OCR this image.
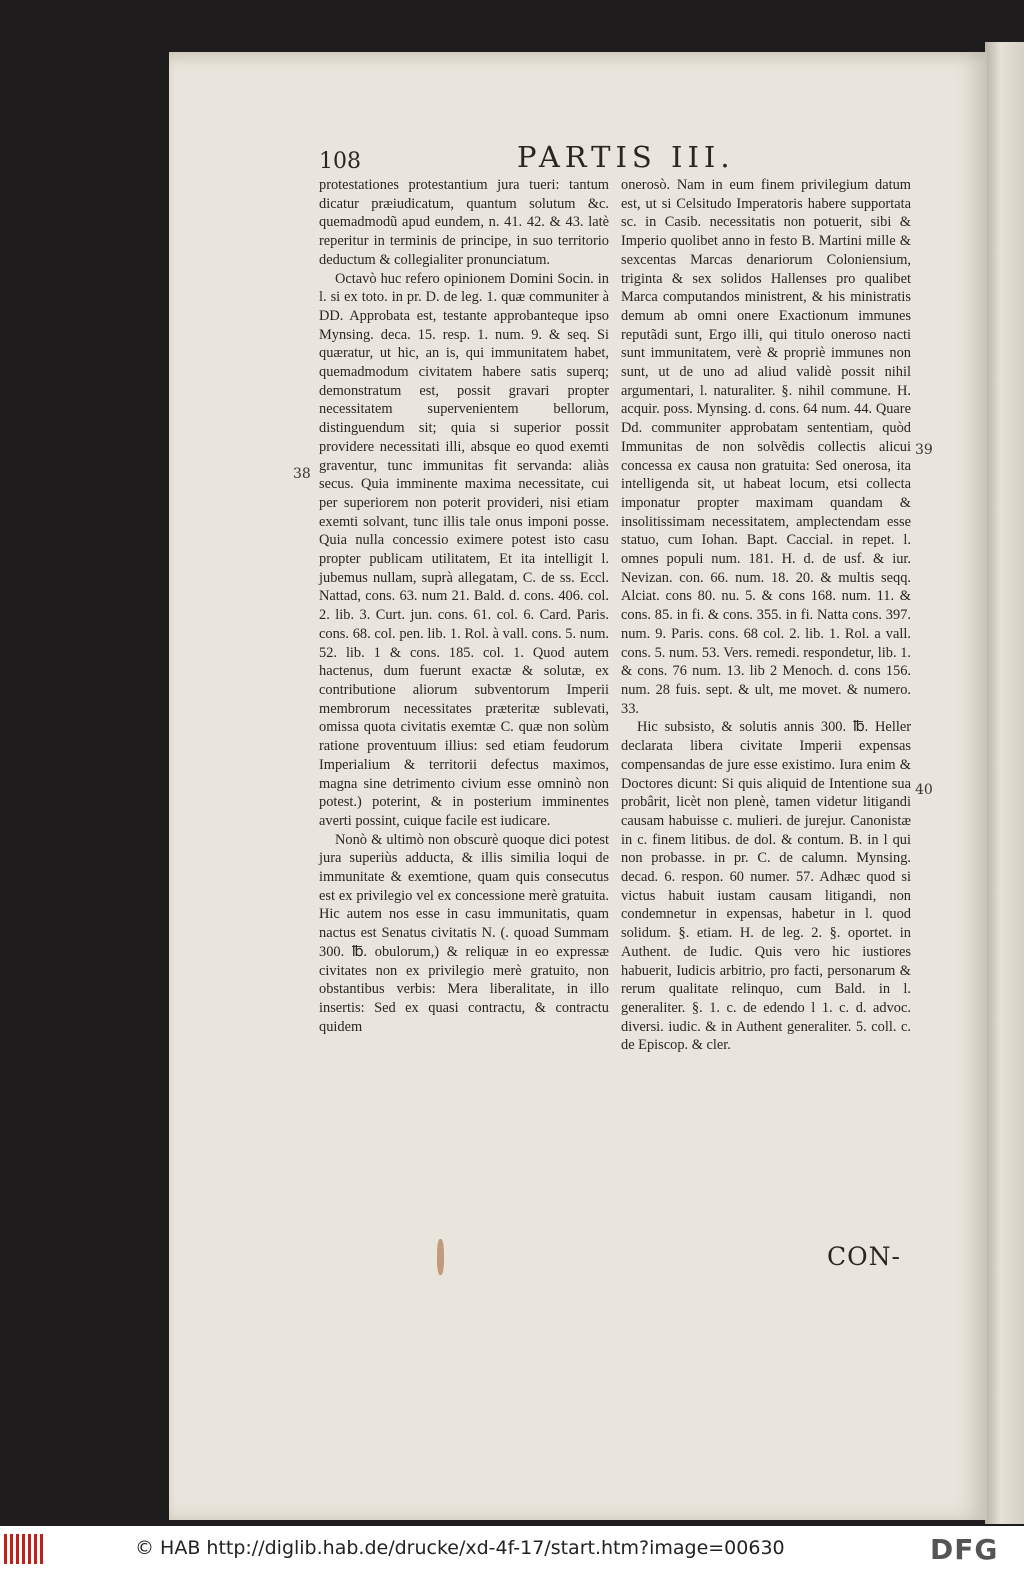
108	PARTIS III.

protestationes protestantium jura tueri: tantum dicatur præiudicatum, quantum solutum &c. quemadmodũ apud eundem, n. 41. 42. & 43. latè reperitur in terminis de principe, in suo territorio deductum & collegialiter pronunciatum.

Octavò huc refero opinionem Domini Socin. in l. si ex toto. in pr. D. de leg. 1. quæ communiter à DD. Approbata est, testante approbanteque ipso Mynsing. deca. 15. resp. 1. num. 9. & seq. Si quæratur, ut hic, an is, qui immunitatem habet, quemadmodum civitatem habere satis superq; demonstratum est, possit gravari propter necessitatem supervenientem bellorum, distinguendum sit; quia si superior possit providere necessitati illi, absque eo quod exemti graventur, tunc immunitas fit servanda: aliàs secus. Quia imminente maxima necessitate, cui per superiorem non poterit provideri, nisi etiam exemti solvant, tunc illis tale onus imponi posse. Quia nulla concessio eximere potest isto casu propter publicam utilitatem, Et ita intelligit l. jubemus nullam, suprà allegatam, C. de ss. Eccl. Nattad, cons. 63. num 21. Bald. d. cons. 406. col. 2. lib. 3. Curt. jun. cons. 61. col. 6. Card. Paris. cons. 68. col. pen. lib. 1. Rol. à vall. cons. 5. num. 52. lib. 1 & cons. 185. col. 1. Quod autem hactenus, dum fuerunt exactæ & solutæ, ex contributione aliorum subventorum Imperii membrorum necessitates præteritæ sublevati, omissa quota civitatis exemtæ C. quæ non solùm ratione proventuum illius: sed etiam feudorum Imperialium & territorii defectus maximos, magna sine detrimento civium esse omninò non potest.) poterint, & in posterium imminentes averti possint, cuique facile est iudicare.

Nonò & ultimò non obscurè quoque dici potest jura superiùs adducta, & illis similia loqui de immunitate & exemtione, quam quis consecutus est ex privilegio vel ex concessione merè gratuita. Hic autem nos esse in casu immunitatis, quam nactus est Senatus civitatis N. (. quoad Summam 300. ℔. obulorum,) & reliquæ in eo expressæ civitates non ex privilegio merè gratuito, non obstantibus verbis: Mera liberalitate, in illo insertis: Sed ex quasi contractu, & contractu quidem

onerosò. Nam in eum finem privilegium datum est, ut si Celsitudo Imperatoris habere supportata sc. in Casib. necessitatis non potuerit, sibi & Imperio quolibet anno in festo B. Martini mille & sexcentas Marcas denariorum Coloniensium, triginta & sex solidos Hallenses pro qualibet Marca computandos ministrent, & his ministratis demum ab omni onere Exactionum immunes reputãdi sunt, Ergo illi, qui titulo oneroso nacti sunt immunitatem, verè & propriè immunes non sunt, ut de uno ad aliud validè possit nihil argumentari, l. naturaliter. §. nihil commune. H. acquir. poss. Mynsing. d. cons. 64 num. 44. Quare Dd. communiter approbatam sententiam, quòd Immunitas de non solvẽdis collectis alicui concessa ex causa non gratuita: Sed onerosa, ita intelligenda sit, ut habeat locum, etsi collecta imponatur propter maximam quandam & insolitissimam necessitatem, amplectendam esse statuo, cum Iohan. Bapt. Caccial. in repet. l. omnes populi num. 181. H. d. de usf. & iur. Nevizan. con. 66. num. 18. 20. & multis seqq. Alciat. cons 80. nu. 5. & cons 168. num. 11. & cons. 85. in fi. & cons. 355. in fi. Natta cons. 397. num. 9. Paris. cons. 68 col. 2. lib. 1. Rol. a vall. cons. 5. num. 53. Vers. remedi. respondetur, lib. 1. & cons. 76 num. 13. lib 2 Menoch. d. cons 156. num. 28 fuis. sept. & ult, me movet. & numero. 33.

Hic subsisto, & solutis annis 300. ℔. Heller declarata libera civitate Imperii expensas compensandas de jure esse existimo. Iura enim & Doctores dicunt: Si quis aliquid de Intentione sua probârit, licèt non plenè, tamen videtur litigandi causam habuisse c. mulieri. de jurejur. Canonistæ in c. finem litibus. de dol. & contum. B. in l qui non probasse. in pr. C. de calumn. Mynsing. decad. 6. respon. 60 numer. 57. Adhæc quod si victus habuit iustam causam litigandi, non condemnetur in expensas, habetur in l. quod solidum. §. etiam. H. de leg. 2. §. oportet. in Authent. de Iudic. Quis vero hic iustiores habuerit, Iudicis arbitrio, pro facti, personarum & rerum qualitate relinquo, cum Bald. in l. generaliter. §. 1. c. de edendo l 1. c. d. advoc. diversi. iudic. & in Authent generaliter. 5. coll. c. de Episcop. & cler.

38
39
40
CON-
© HAB http://diglib.hab.de/drucke/xd-4f-17/start.htm?image=00630	DFG
